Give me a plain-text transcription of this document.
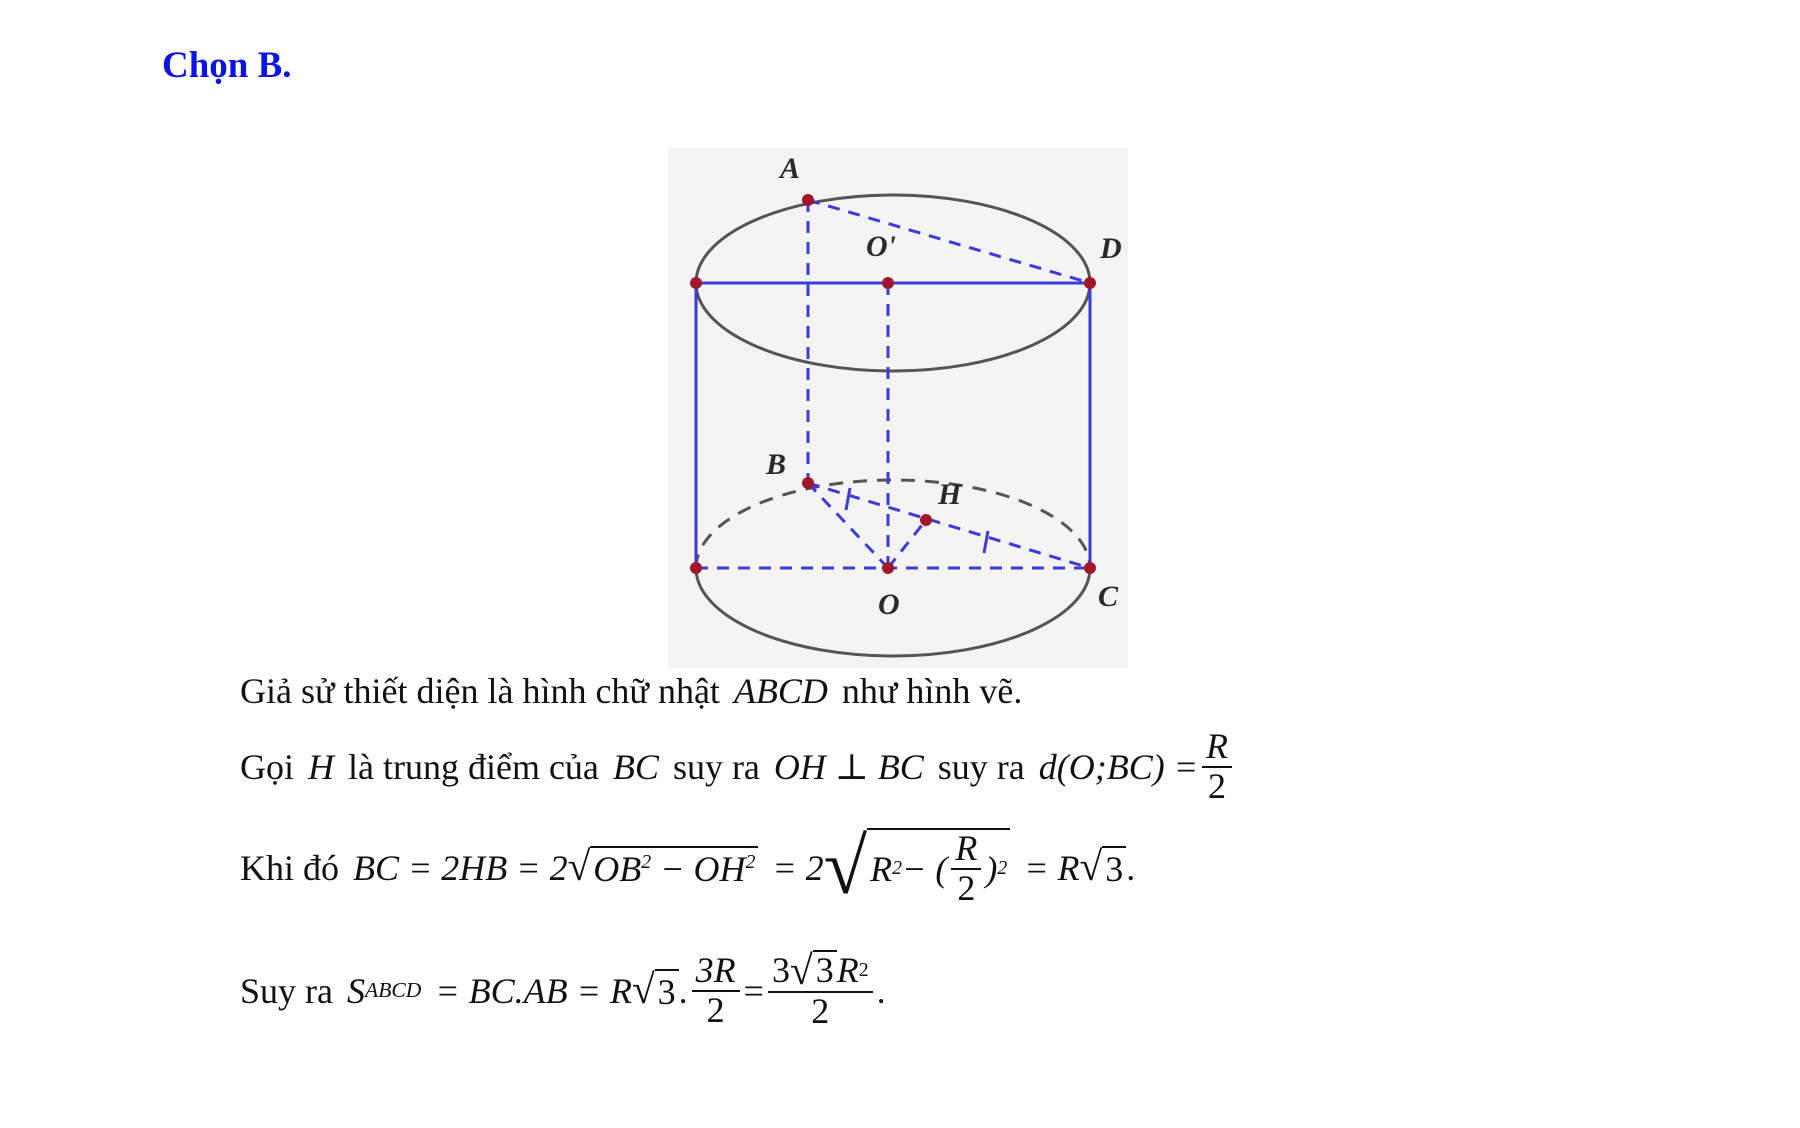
Chọn B.
A
O'	D
B
H
O	C
Giả sử thiết diện là hình chữ nhật ABCD như hình vẽ.
Gọi H là trung điểm của BC suy ra OH ⊥ BC suy ra d(O;BC) = $\frac{R}{2}$
Khi đó BC = 2HB = 2 √ $OB^2 - OH^2 = 2$ √ R 2 − ( $\frac{R}{2}$ ) 2 = R √ 3 .
Suy ra S ABCD = BC.AB = R √ 3 . $\frac{3R}{2} = \frac{3 √ 3 R 2}{2}$ .
